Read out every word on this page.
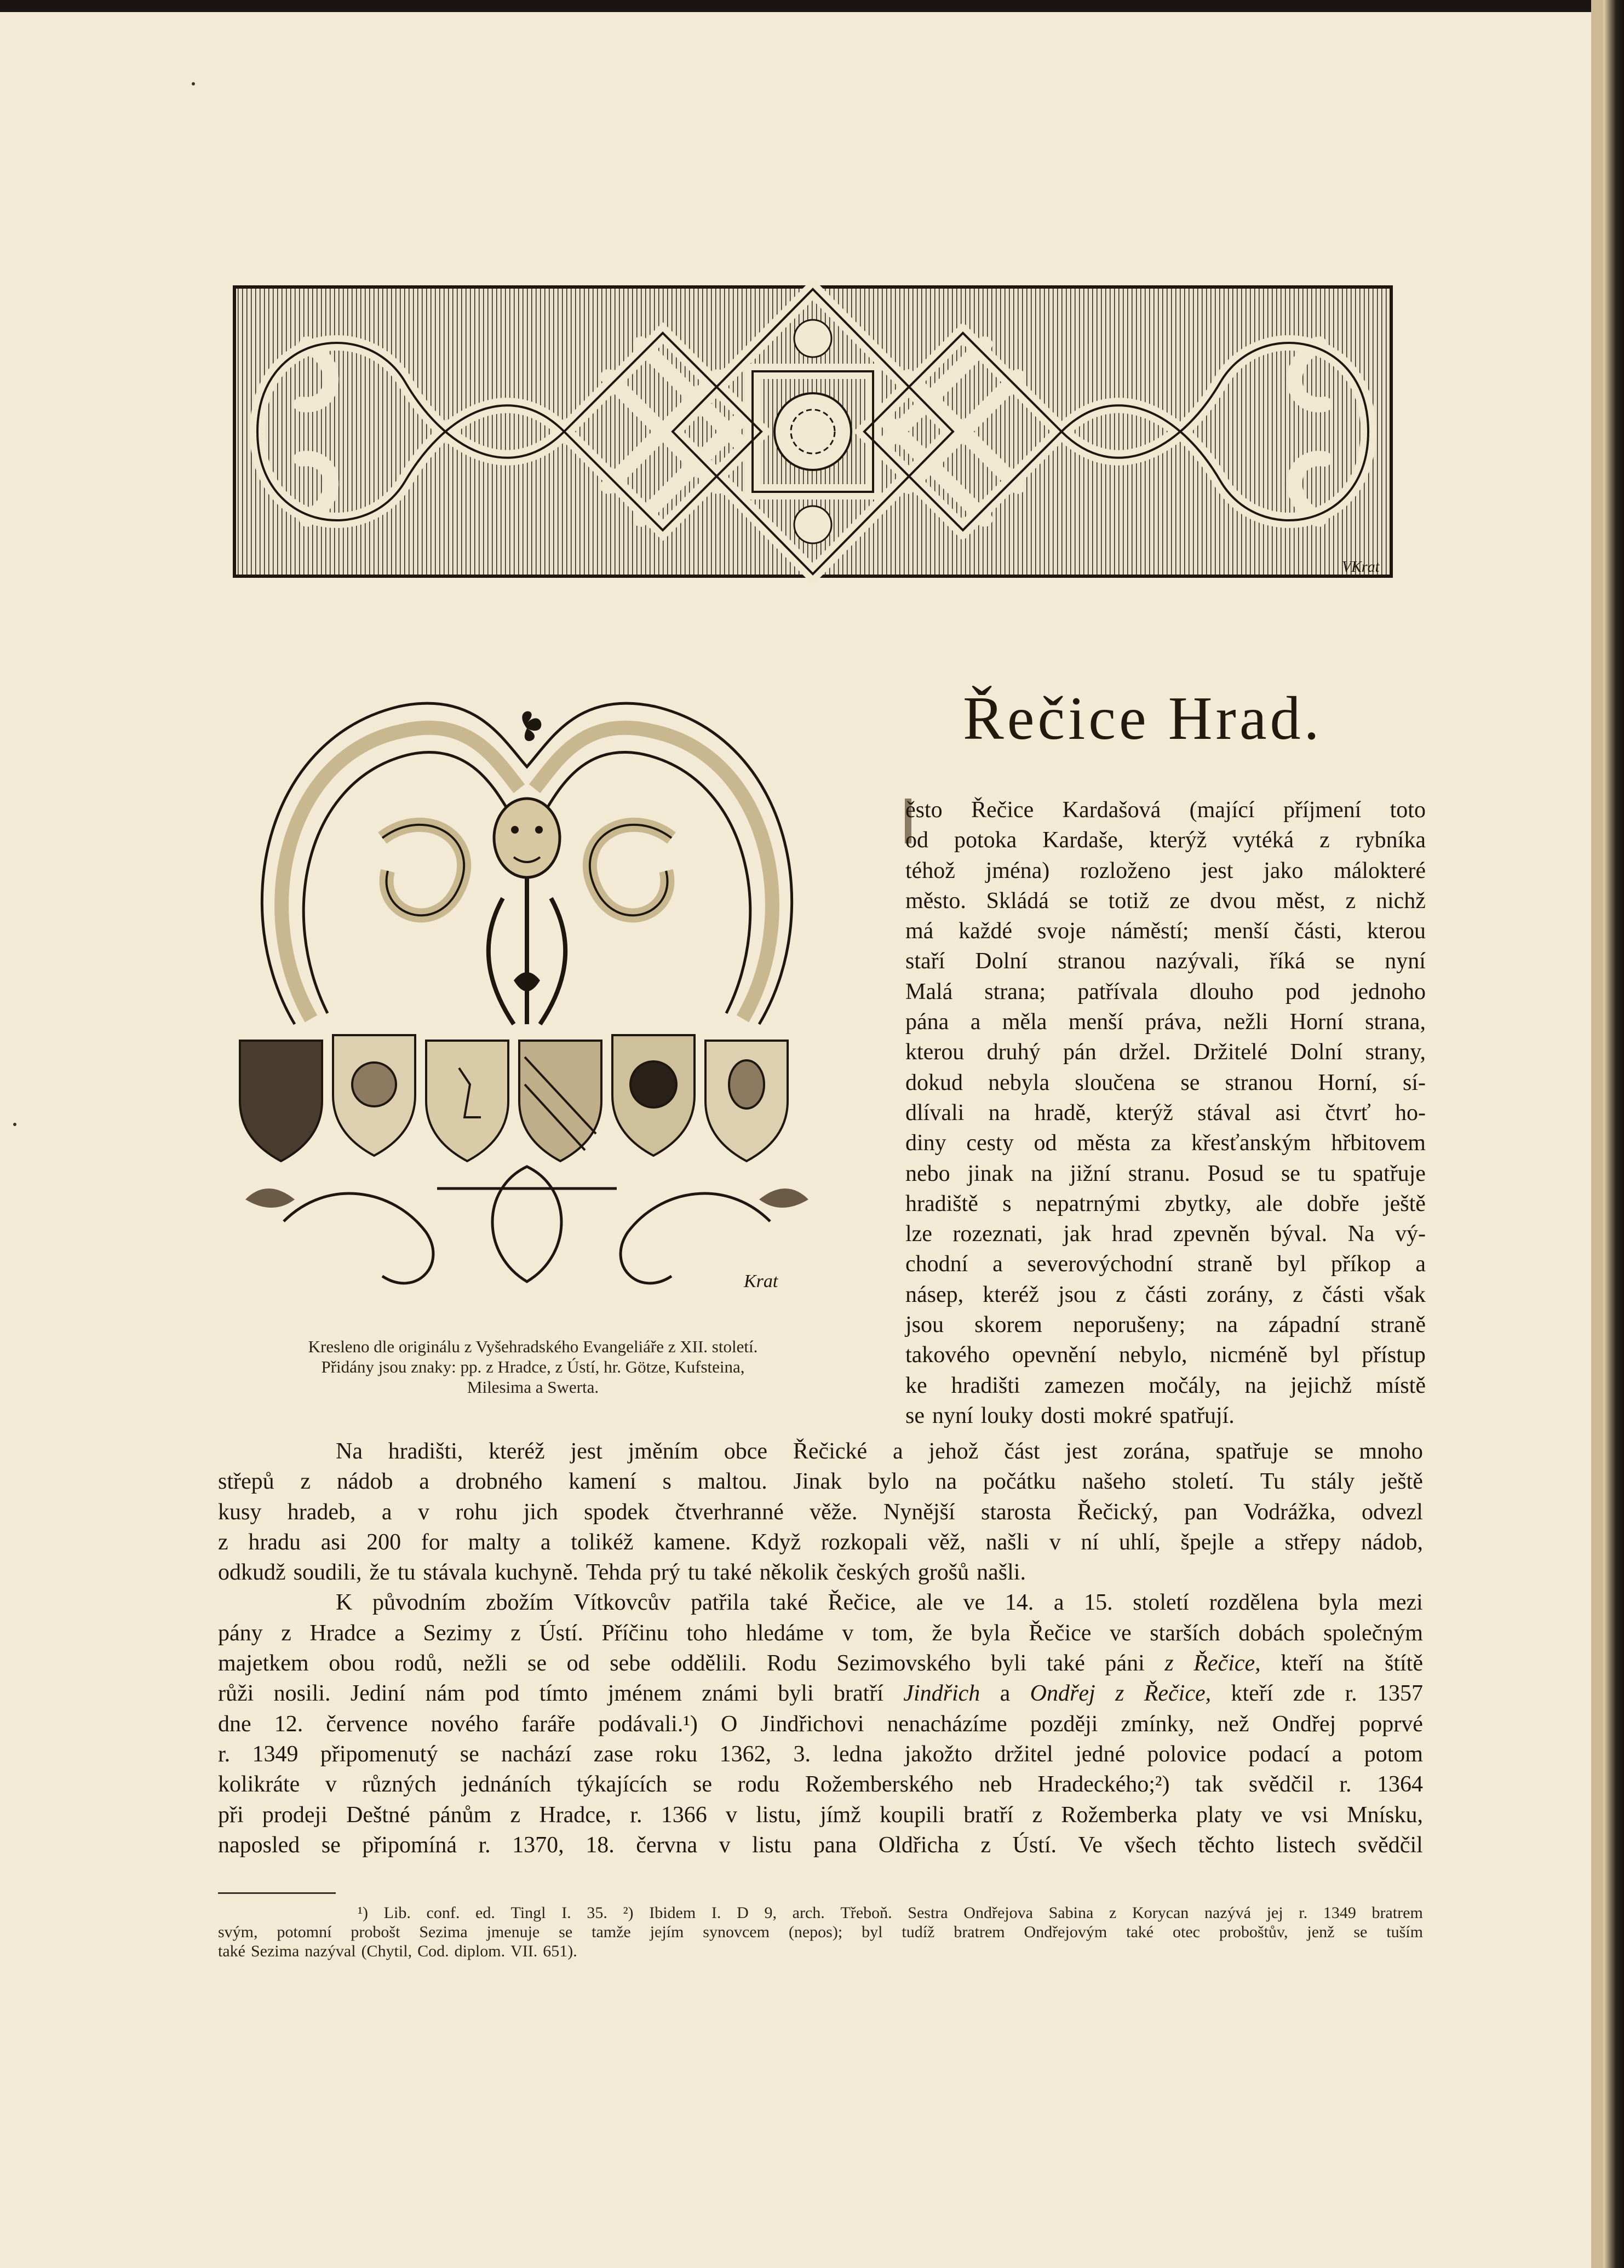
VKrat
Řečice Hrad.
Krat
Kresleno dle originálu z Vyšehradského Evangeliáře z XII. století.
Přidány jsou znaky: pp. z Hradce, z Ústí, hr. Götze, Kufsteina,
Milesima a Swerta.
ěsto Řečice Kardašová (mající příjmení toto
od potoka Kardaše, kterýž vytéká z rybníka
téhož jména) rozloženo jest jako málokteré
město. Skládá se totiž ze dvou měst, z nichž
má každé svoje náměstí; menší části, kterou
staří Dolní stranou nazývali, říká se nyní
Malá strana; patřívala dlouho pod jednoho
pána a měla menší práva, nežli Horní strana,
kterou druhý pán držel. Držitelé Dolní strany,
dokud nebyla sloučena se stranou Horní, sí-
dlívali na hradě, kterýž stával asi čtvrť ho-
diny cesty od města za křesťanským hřbitovem
nebo jinak na jižní stranu. Posud se tu spatřuje
hradiště s nepatrnými zbytky, ale dobře ještě
lze rozeznati, jak hrad zpevněn býval. Na vý-
chodní a severovýchodní straně byl příkop a
násep, kteréž jsou z části zorány, z části však
jsou skorem neporušeny; na západní straně
takového opevnění nebylo, nicméně byl přístup
ke hradišti zamezen močály, na jejichž místě
se nyní louky dosti mokré spatřují.
Na hradišti, kteréž jest jměním obce Řečické a jehož část jest zorána, spatřuje se mnoho
střepů z nádob a drobného kamení s maltou. Jinak bylo na počátku našeho století. Tu stály ještě
kusy hradeb, a v rohu jich spodek čtverhranné věže. Nynější starosta Řečický, pan Vodrážka, odvezl
z hradu asi 200 for malty a tolikéž kamene. Když rozkopali věž, našli v ní uhlí, špejle a střepy nádob,
odkudž soudili, že tu stávala kuchyně. Tehda prý tu také několik českých grošů našli.
K původním zbožím Vítkovcův patřila také Řečice, ale ve 14. a 15. století rozdělena byla mezi
pány z Hradce a Sezimy z Ústí. Příčinu toho hledáme v tom, že byla Řečice ve starších dobách společným
majetkem obou rodů, nežli se od sebe oddělili. Rodu Sezimovského byli také páni z Řečice, kteří na štítě
růži nosili. Jediní nám pod tímto jménem známi byli bratří Jindřich a Ondřej z Řečice, kteří zde r. 1357
dne 12. července nového faráře podávali.¹) O Jindřichovi nenacházíme později zmínky, než Ondřej poprvé
r. 1349 připomenutý se nachází zase roku 1362, 3. ledna jakožto držitel jedné polovice podací a potom
kolikráte v různých jednáních týkajících se rodu Rožemberského neb Hradeckého;²) tak svědčil r. 1364
při prodeji Deštné pánům z Hradce, r. 1366 v listu, jímž koupili bratří z Rožemberka platy ve vsi Mnísku,
naposled se připomíná r. 1370, 18. června v listu pana Oldřicha z Ústí. Ve všech těchto listech svědčil
¹) Lib. conf. ed. Tingl I. 35. ²) Ibidem I. D 9, arch. Třeboň. Sestra Ondřejova Sabina z Korycan nazývá jej r. 1349 bratrem
svým, potomní probošt Sezima jmenuje se tamže jejím synovcem (nepos); byl tudíž bratrem Ondřejovým také otec proboštův, jenž se tuším
také Sezima nazýval (Chytil, Cod. diplom. VII. 651).
